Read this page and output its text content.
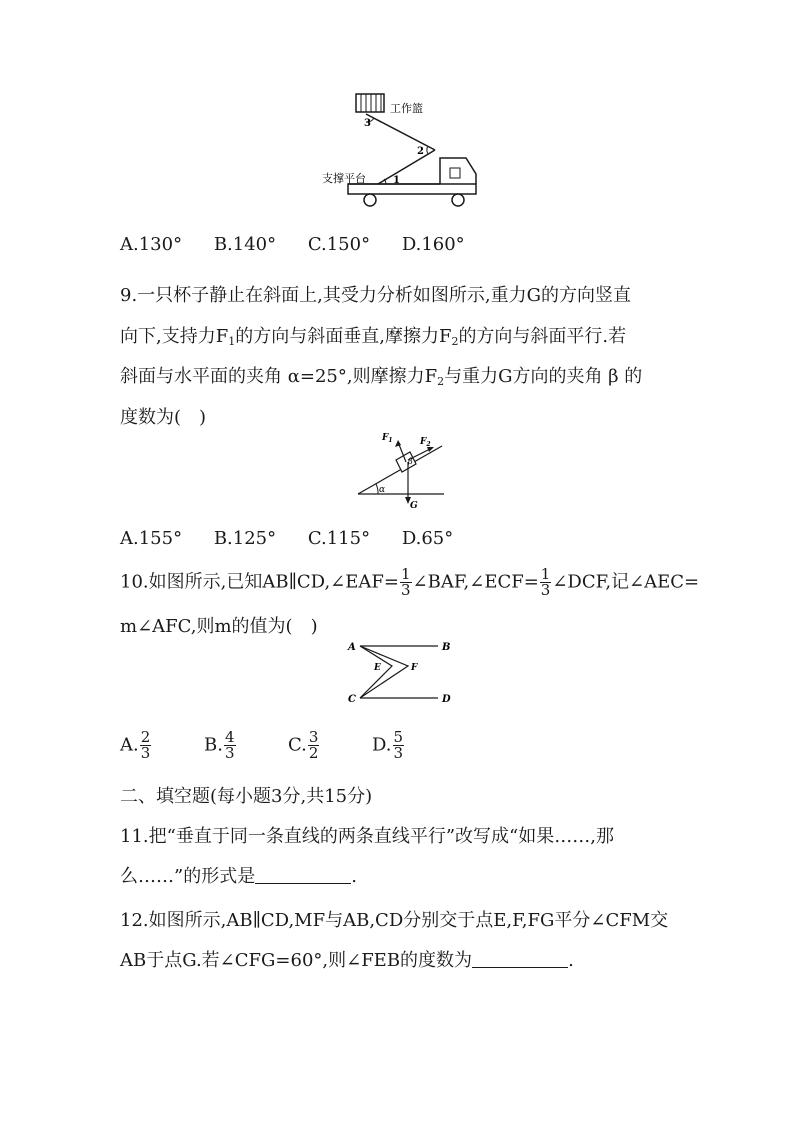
工作篮
支撑平台
3
2
1
A.130° B.140° C.150° D.160°
9.一只杯子静止在斜面上,其受力分析如图所示,重力G的方向竖直
向下,支持力$F_1$的方向与斜面垂直,摩擦力$F_2$的方向与斜面平行.若
斜面与水平面的夹角 α=25°,则摩擦力$F_2$与重力G方向的夹角 β 的
度数为(　)
$F_1$	$F_2$
G
α
β
A.155° B.125° C.115° D.65°
10.如图所示,已知AB∥CD,∠EAF= $\frac{1}{3}$ ∠BAF,∠ECF= $\frac{1}{3}$ ∠DCF,记∠AEC=
m∠AFC,则m的值为(　)
A	B
C	D
E	F
A. $\frac{2}{3}$	B. $\frac{4}{3}$	C. $\frac{3}{2}$	D. $\frac{5}{3}$
二、填空题(每小题3分,共15分)
11.把“垂直于同一条直线的两条直线平行”改写成“如果……,那
么……”的形式是	.
12.如图所示,AB∥CD,MF与AB,CD分别交于点E,F,FG平分∠CFM交
AB于点G.若∠CFG=60°,则∠FEB的度数为	.
